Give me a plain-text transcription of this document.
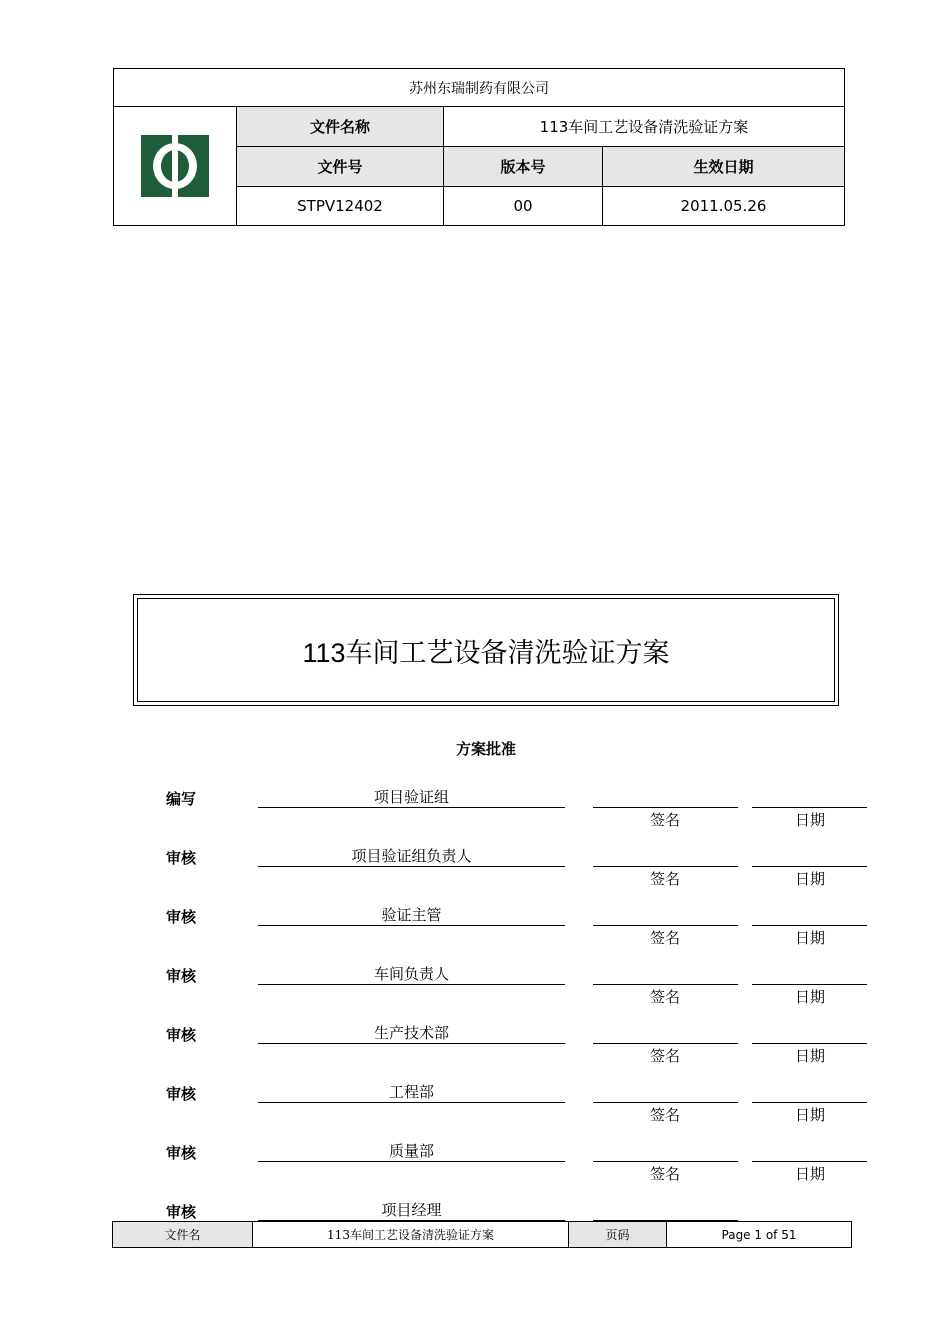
苏州东瑞制药有限公司
文件名称	113车间工艺设备清洗验证方案
文件号	版本号	生效日期
STPV12402	00	2011.05.26
113车间工艺设备清洗验证方案
方案批准
编写	项目验证组
签名	日期
审核	项目验证组负责人
签名	日期
审核	验证主管
签名	日期
审核	车间负责人
签名	日期
审核	生产技术部
签名	日期
审核	工程部
签名	日期
审核	质量部
签名	日期
审核	项目经理
文件名	113车间工艺设备清洗验证方案	页码	Page 1 of 51
